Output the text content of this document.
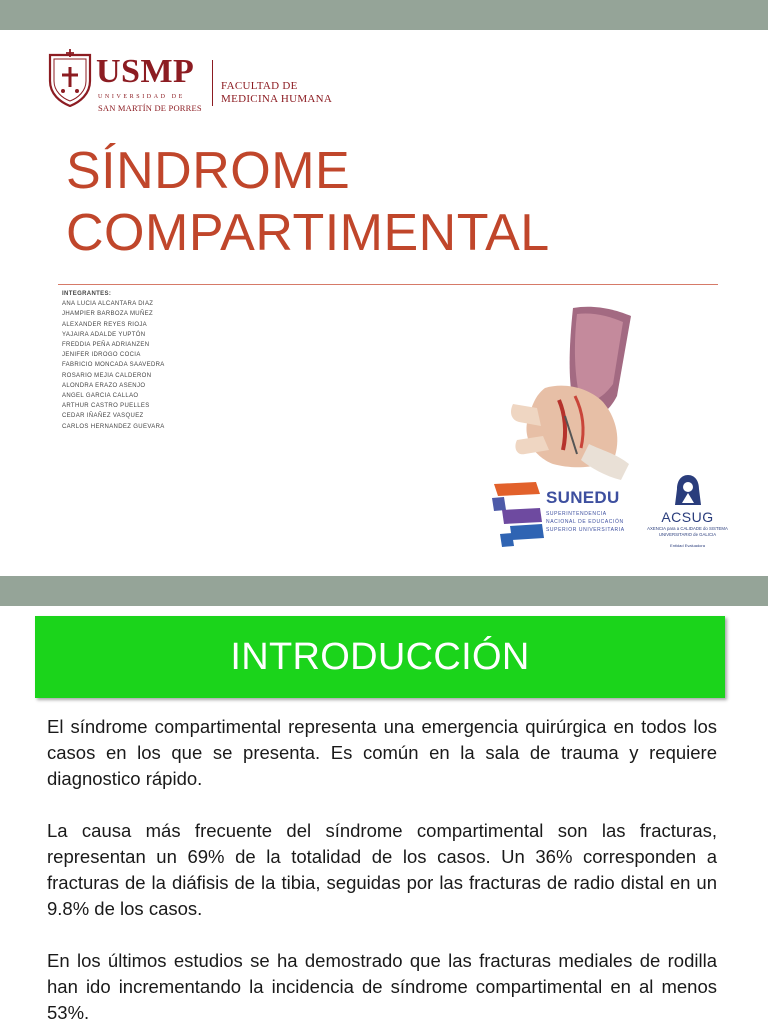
USMP
UNIVERSIDAD DE
SAN MARTÍN DE PORRES
FACULTAD DE
MEDICINA HUMANA
SÍNDROME
COMPARTIMENTAL
INTEGRANTES:
ANA LUCIA ALCANTARA DIAZ
JHAMPIER BARBOZA MUÑEZ
ALEXANDER REYES RIOJA
YAJAIRA ADALDE YUPTÓN
FREDDIA PEÑA ADRIANZEN
JENIFER IDROGO COCIA
FABRICIO MONCADA SAAVEDRA
ROSARIO MEJIA CALDERON
ALONDRA ERAZO ASENJO
ANGEL GARCIA CALLAO
ARTHUR CASTRO PUELLES
CEDAR IÑAÑEZ VASQUEZ
CARLOS HERNANDEZ GUEVARA
SUNEDU
SUPERINTENDENCIA
NACIONAL DE EDUCACIÓN
SUPERIOR UNIVERSITARIA
ACSUG
AXENCIA para a CALIDADE do SISTEMA
UNIVERSITARIO de GALICIA
Entidad Evaluadora
INTRODUCCIÓN

El síndrome compartimental representa una emergencia quirúrgica en todos los casos en los que se presenta. Es común en la sala de trauma y requiere diagnostico rápido.

La causa más frecuente del síndrome compartimental son las fracturas, representan un 69% de la totalidad de los casos. Un 36% corresponden a fracturas de la diáfisis de la tibia, seguidas por las fracturas de radio distal en un 9.8% de los casos.

En los últimos estudios se ha demostrado que las fracturas mediales de rodilla han ido incrementando la incidencia de síndrome compartimental en al menos 53%.
